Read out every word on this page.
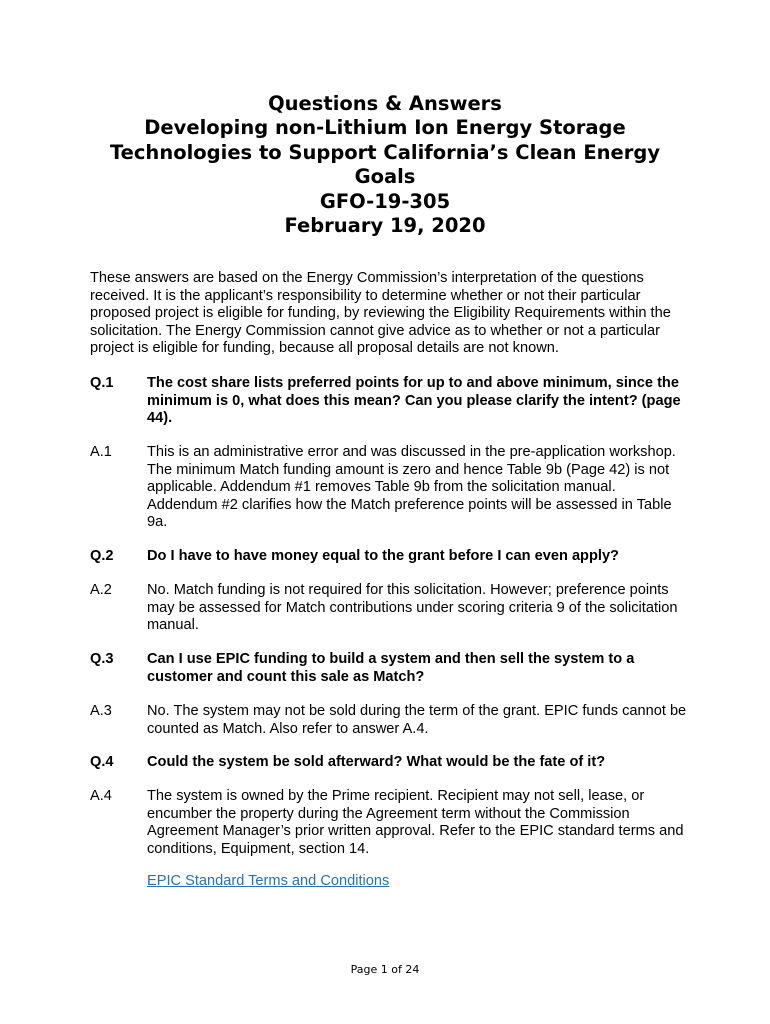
Questions & Answers
Developing non-Lithium Ion Energy Storage
Technologies to Support California’s Clean Energy
Goals
GFO-19-305
February 19, 2020
These answers are based on the Energy Commission’s interpretation of the questions received. It is the applicant’s responsibility to determine whether or not their particular proposed project is eligible for funding, by reviewing the Eligibility Requirements within the solicitation. The Energy Commission cannot give advice as to whether or not a particular project is eligible for funding, because all proposal details are not known.
Q.1	The cost share lists preferred points for up to and above minimum, since the minimum is 0, what does this mean? Can you please clarify the intent? (page 44).
A.1	This is an administrative error and was discussed in the pre-application workshop. The minimum Match funding amount is zero and hence Table 9b (Page 42) is not applicable. Addendum #1 removes Table 9b from the solicitation manual. Addendum #2 clarifies how the Match preference points will be assessed in Table 9a.
Q.2	Do I have to have money equal to the grant before I can even apply?
A.2	No. Match funding is not required for this solicitation. However; preference points may be assessed for Match contributions under scoring criteria 9 of the solicitation manual.
Q.3	Can I use EPIC funding to build a system and then sell the system to a customer and count this sale as Match?
A.3	No. The system may not be sold during the term of the grant. EPIC funds cannot be counted as Match. Also refer to answer A.4.
Q.4	Could the system be sold afterward? What would be the fate of it?
A.4	The system is owned by the Prime recipient. Recipient may not sell, lease, or encumber the property during the Agreement term without the Commission Agreement Manager’s prior written approval. Refer to the EPIC standard terms and conditions, Equipment, section 14.
EPIC Standard Terms and Conditions
Page 1 of 24
